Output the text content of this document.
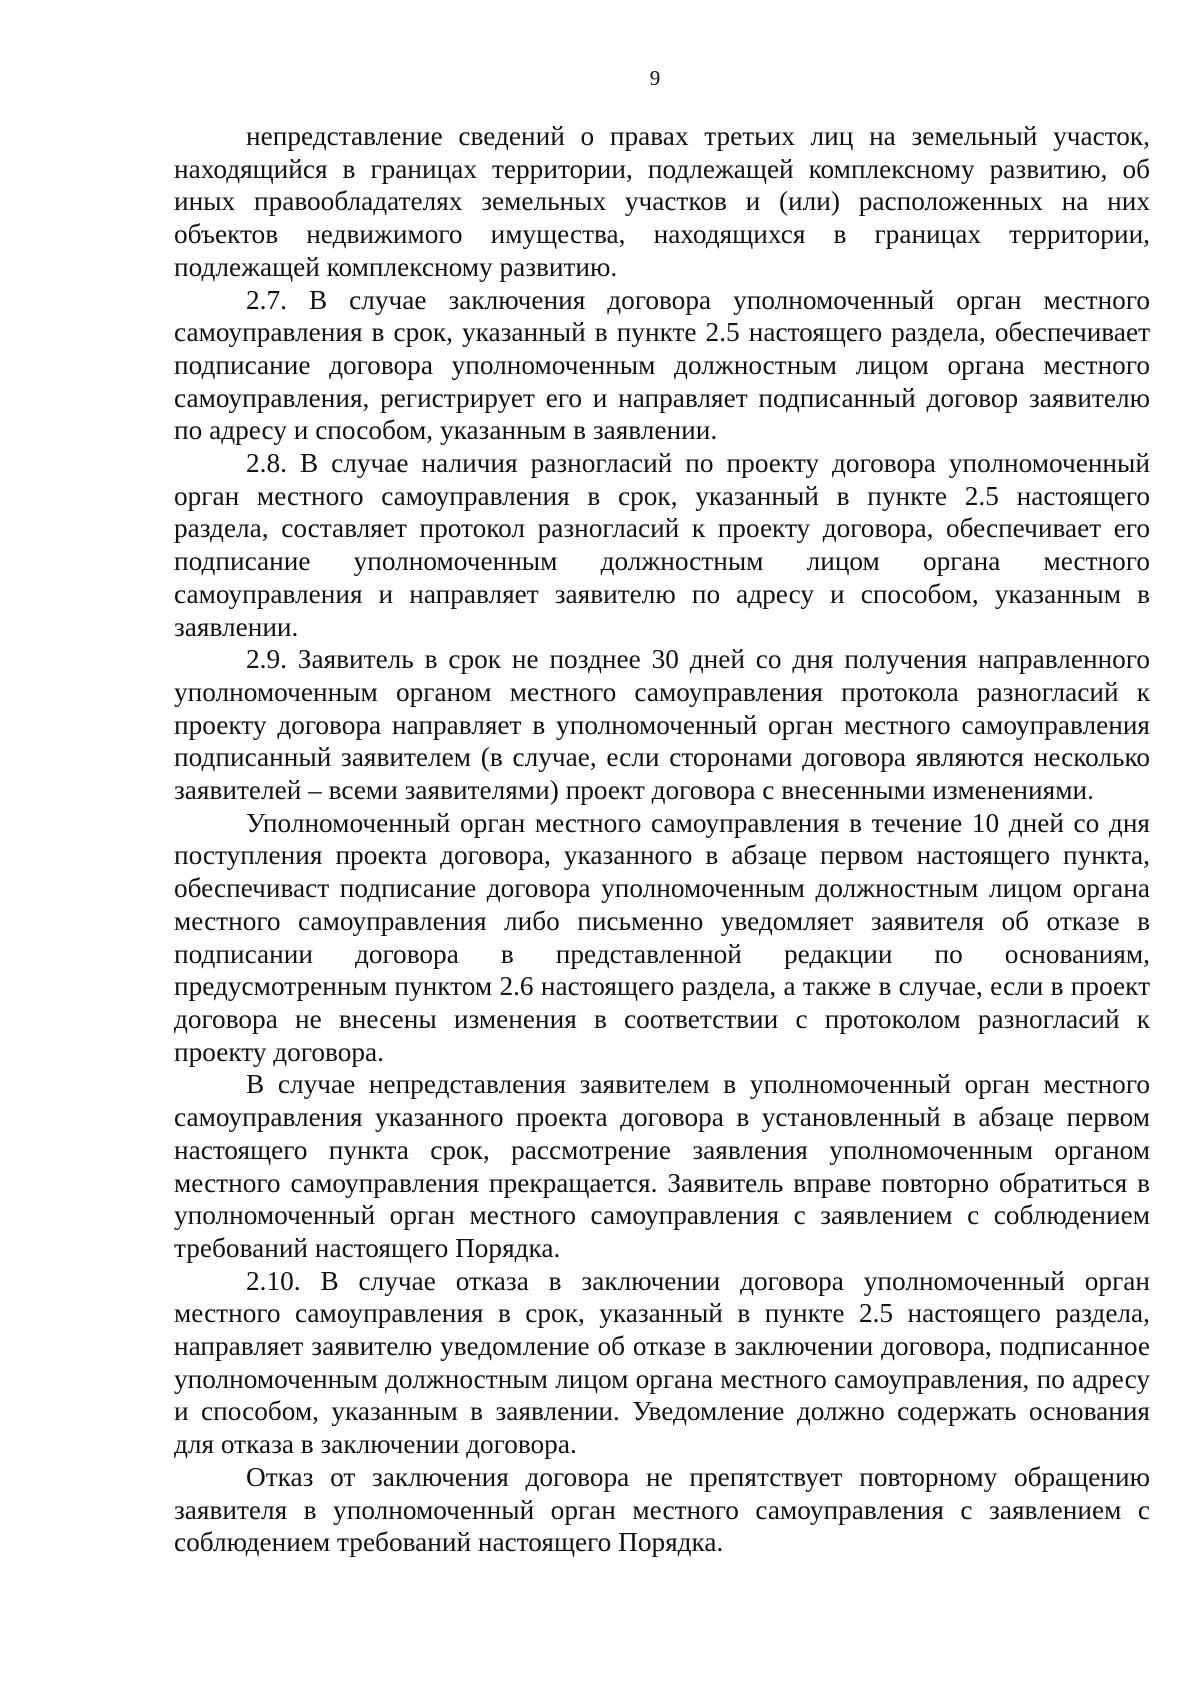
9

непредставление сведений о правах третьих лиц на земельный участок, находящийся в границах территории, подлежащей комплексному развитию, об иных правообладателях земельных участков и (или) расположенных на них объектов недвижимого имущества, находящихся в границах территории, подлежащей комплексному развитию.

2.7. В случае заключения договора уполномоченный орган местного самоуправления в срок, указанный в пункте 2.5 настоящего раздела, обеспечивает подписание договора уполномоченным должностным лицом органа местного самоуправления, регистрирует его и направляет подписанный договор заявителю по адресу и способом, указанным в заявлении.

2.8. В случае наличия разногласий по проекту договора уполномоченный орган местного самоуправления в срок, указанный в пункте 2.5 настоящего раздела, составляет протокол разногласий к проекту договора, обеспечивает его подписание уполномоченным должностным лицом органа местного самоуправления и направляет заявителю по адресу и способом, указанным в заявлении.

2.9. Заявитель в срок не позднее 30 дней со дня получения направленного уполномоченным органом местного самоуправления протокола разногласий к проекту договора направляет в уполномоченный орган местного самоуправления подписанный заявителем (в случае, если сторонами договора являются несколько заявителей – всеми заявителями) проект договора с внесенными изменениями.

Уполномоченный орган местного самоуправления в течение 10 дней со дня поступления проекта договора, указанного в абзаце первом настоящего пункта, обеспечиваст подписание договора уполномоченным должностным лицом органа местного самоуправления либо письменно уведомляет заявителя об отказе в подписании договора в представленной редакции по основаниям, предусмотренным пунктом 2.6 настоящего раздела, а также в случае, если в проект договора не внесены изменения в соответствии с протоколом разногласий к проекту договора.

В случае непредставления заявителем в уполномоченный орган местного самоуправления указанного проекта договора в установленный в абзаце первом настоящего пункта срок, рассмотрение заявления уполномоченным органом местного самоуправления прекращается. Заявитель вправе повторно обратиться в уполномоченный орган местного самоуправления с заявлением с соблюдением требований настоящего Порядка.

2.10. В случае отказа в заключении договора уполномоченный орган местного самоуправления в срок, указанный в пункте 2.5 настоящего раздела, направляет заявителю уведомление об отказе в заключении договора, подписанное уполномоченным должностным лицом органа местного самоуправления, по адресу и способом, указанным в заявлении. Уведомление должно содержать основания для отказа в заключении договора.

Отказ от заключения договора не препятствует повторному обращению заявителя в уполномоченный орган местного самоуправления с заявлением с соблюдением требований настоящего Порядка.
